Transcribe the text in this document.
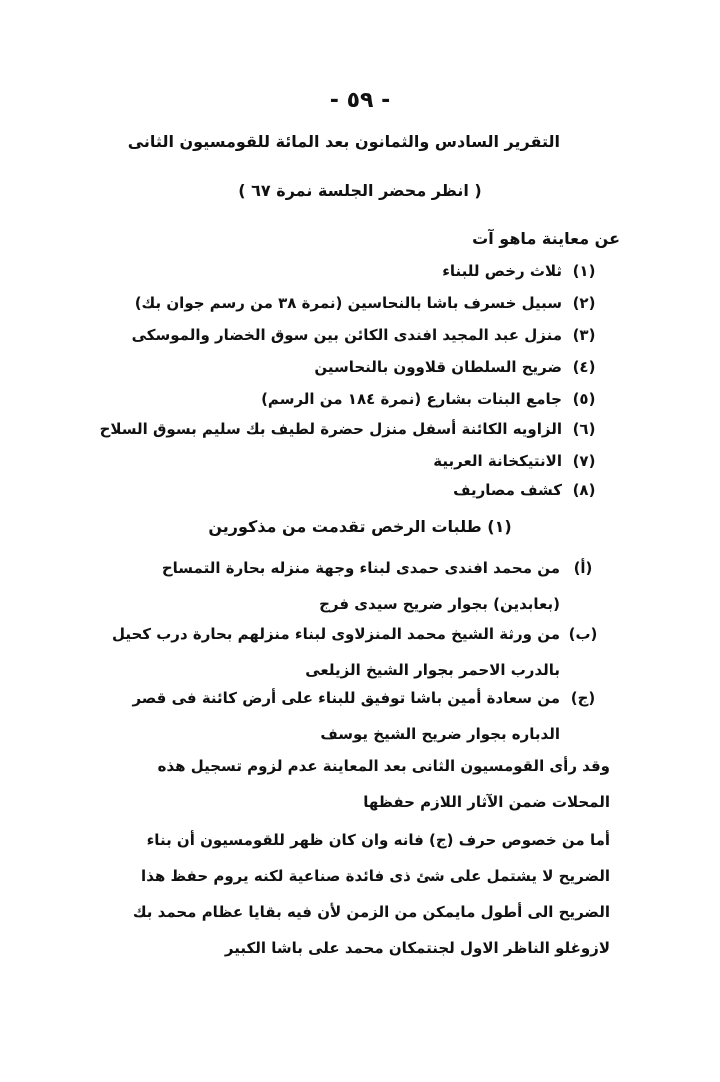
- ٥٩ -
التقرير السادس والثمانون بعد المائة للقومسيون الثانى
( انظر محضر الجلسة نمرة ٦٧ )
عن معاينة ماهو آت
(١)
ثلاث رخص للبناء
(٢)
سبيل خسرف باشا بالنحاسين (نمرة ٣٨ من رسم جوان بك)
(٣)
منزل عبد المجيد افندى الكائن بين سوق الخضار والموسكى
(٤)
ضريح السلطان قلاوون بالنحاسين
(٥)
جامع البنات بشارع (نمرة ١٨٤ من الرسم)
(٦)
الزاويه الكائنة أسفل منزل حضرة لطيف بك سليم بسوق السلاح
(٧)
الانتيكخانة العربية
(٨)
كشف مصاريف
(١) طلبات الرخص تقدمت من مذكورين
(أ)
من محمد افندى حمدى لبناء وجهة منزله بحارة التمساح (بعابدين) بجوار ضريح سيدى فرج
(ب)
من ورثة الشيخ محمد المنزلاوى لبناء منزلهم بحارة درب كحيل بالدرب الاحمر بجوار الشيخ الزيلعى
(ج)
من سعادة أمين باشا توفيق للبناء على أرض كائنة فى قصر الدباره بجوار ضريح الشيخ يوسف
وقد رأى القومسيون الثانى بعد المعاينة عدم لزوم تسجيل هذه المحلات ضمن الآثار اللازم حفظها
أما من خصوص حرف (ج) فانه وان كان ظهر للقومسيون أن بناء الضريح لا يشتمل على شئ ذى فائدة صناعية لكنه يروم حفظ هذا الضريح الى أطول مايمكن من الزمن لأن فيه بقايا عظام محمد بك لازوغلو الناظر الاول لجنتمكان محمد على باشا الكبير
